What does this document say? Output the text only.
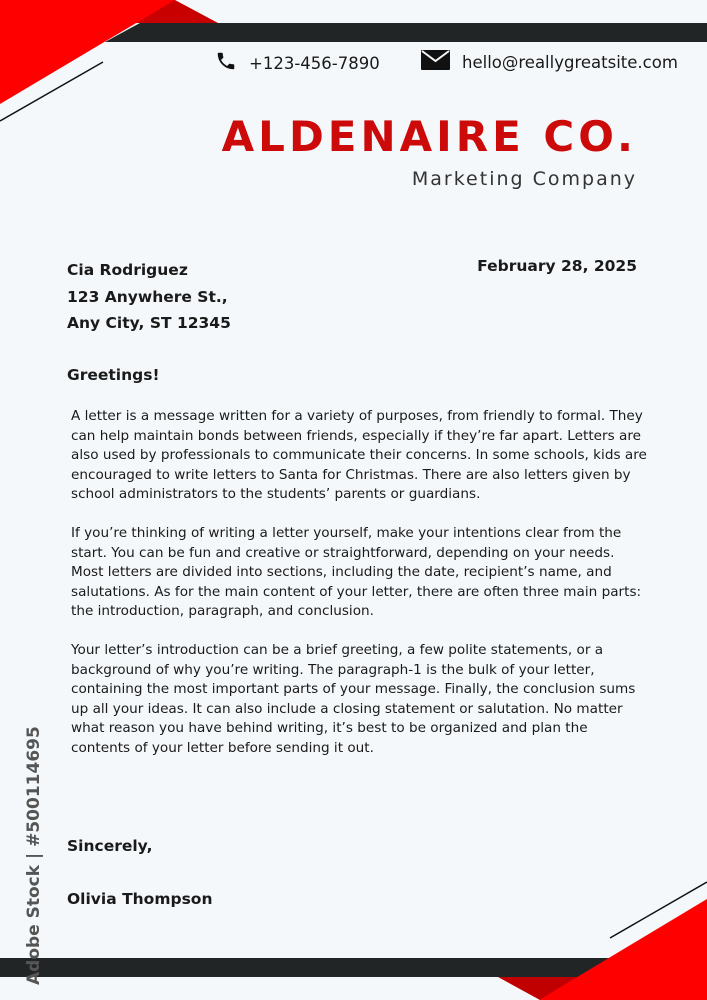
+123-456-7890	hello@reallygreatsite.com
ALDENAIRE CO.
Marketing Company
Cia Rodriguez
123 Anywhere St.,
Any City, ST 12345
February 28, 2025
Greetings!

A letter is a message written for a variety of purposes, from friendly to formal. They can help maintain bonds between friends, especially if they’re far apart. Letters are also used by professionals to communicate their concerns. In some schools, kids are encouraged to write letters to Santa for Christmas. There are also letters given by school administrators to the students’ parents or guardians.

If you’re thinking of writing a letter yourself, make your intentions clear from the start. You can be fun and creative or straightforward, depending on your needs. Most letters are divided into sections, including the date, recipient’s name, and salutations. As for the main content of your letter, there are often three main parts: the introduction, paragraph, and conclusion.

Your letter’s introduction can be a brief greeting, a few polite statements, or a background of why you’re writing. The paragraph-1 is the bulk of your letter, containing the most important parts of your message. Finally, the conclusion sums up all your ideas. It can also include a closing statement or salutation. No matter what reason you have behind writing, it’s best to be organized and plan the contents of your letter before sending it out.

Sincerely,
Olivia Thompson
Adobe Stock | #500114695
